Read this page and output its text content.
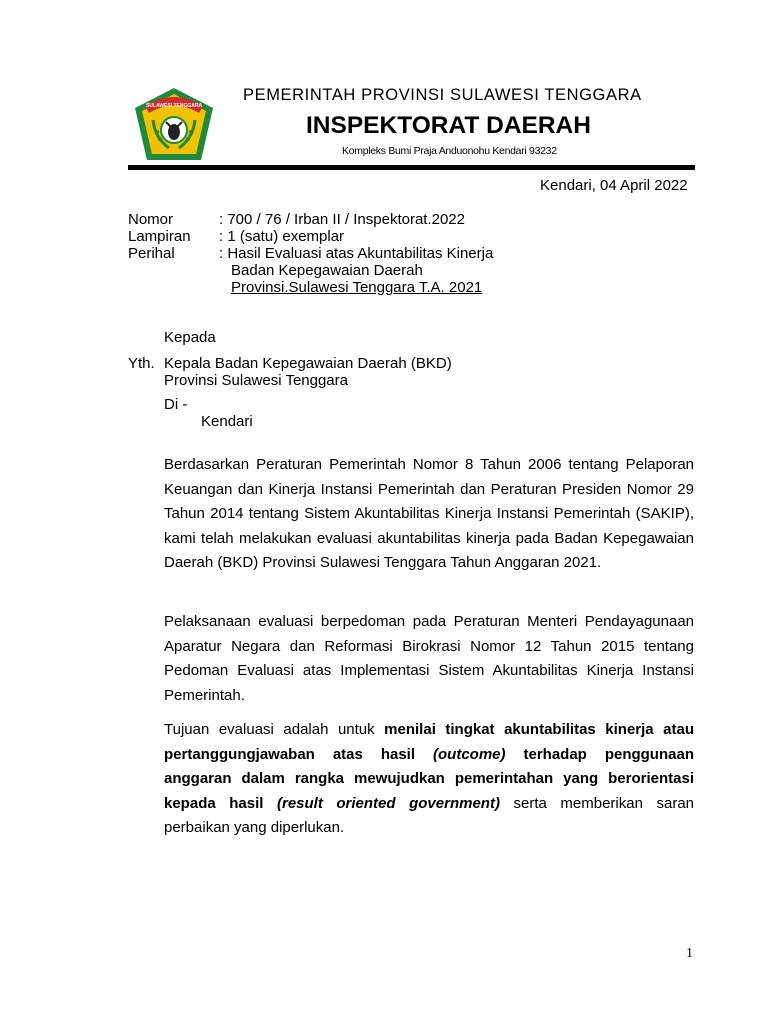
SULAWESI TENGGARA
PEMERINTAH PROVINSI SULAWESI TENGGARA
INSPEKTORAT DAERAH
Kompleks Bumi Praja Anduonohu Kendari 93232
Kendari, 04 April 2022
Nomor	: 700 / 76 / Irban II / Inspektorat.2022
Lampiran : 1 (satu) exemplar
Perihal	: Hasil Evaluasi atas Akuntabilitas Kinerja
Badan Kepegawaian Daerah
Provinsi.Sulawesi Tenggara T.A. 2021
Kepada
Yth. Kepala Badan Kepegawaian Daerah (BKD)
Provinsi Sulawesi Tenggara
Di -
Kendari

Berdasarkan Peraturan Pemerintah Nomor 8 Tahun 2006 tentang Pelaporan Keuangan dan Kinerja Instansi Pemerintah dan Peraturan Presiden Nomor 29 Tahun 2014 tentang Sistem Akuntabilitas Kinerja Instansi Pemerintah (SAKIP), kami telah melakukan evaluasi akuntabilitas kinerja pada Badan Kepegawaian Daerah (BKD) Provinsi Sulawesi Tenggara Tahun Anggaran 2021.

Pelaksanaan evaluasi berpedoman pada Peraturan Menteri Pendayagunaan Aparatur Negara dan Reformasi Birokrasi Nomor 12 Tahun 2015 tentang Pedoman Evaluasi atas Implementasi Sistem Akuntabilitas Kinerja Instansi Pemerintah.

Tujuan evaluasi adalah untuk menilai tingkat akuntabilitas kinerja atau pertanggungjawaban atas hasil (outcome) terhadap penggunaan anggaran dalam rangka mewujudkan pemerintahan yang berorientasi kepada hasil (result oriented government) serta memberikan saran perbaikan yang diperlukan.

1
